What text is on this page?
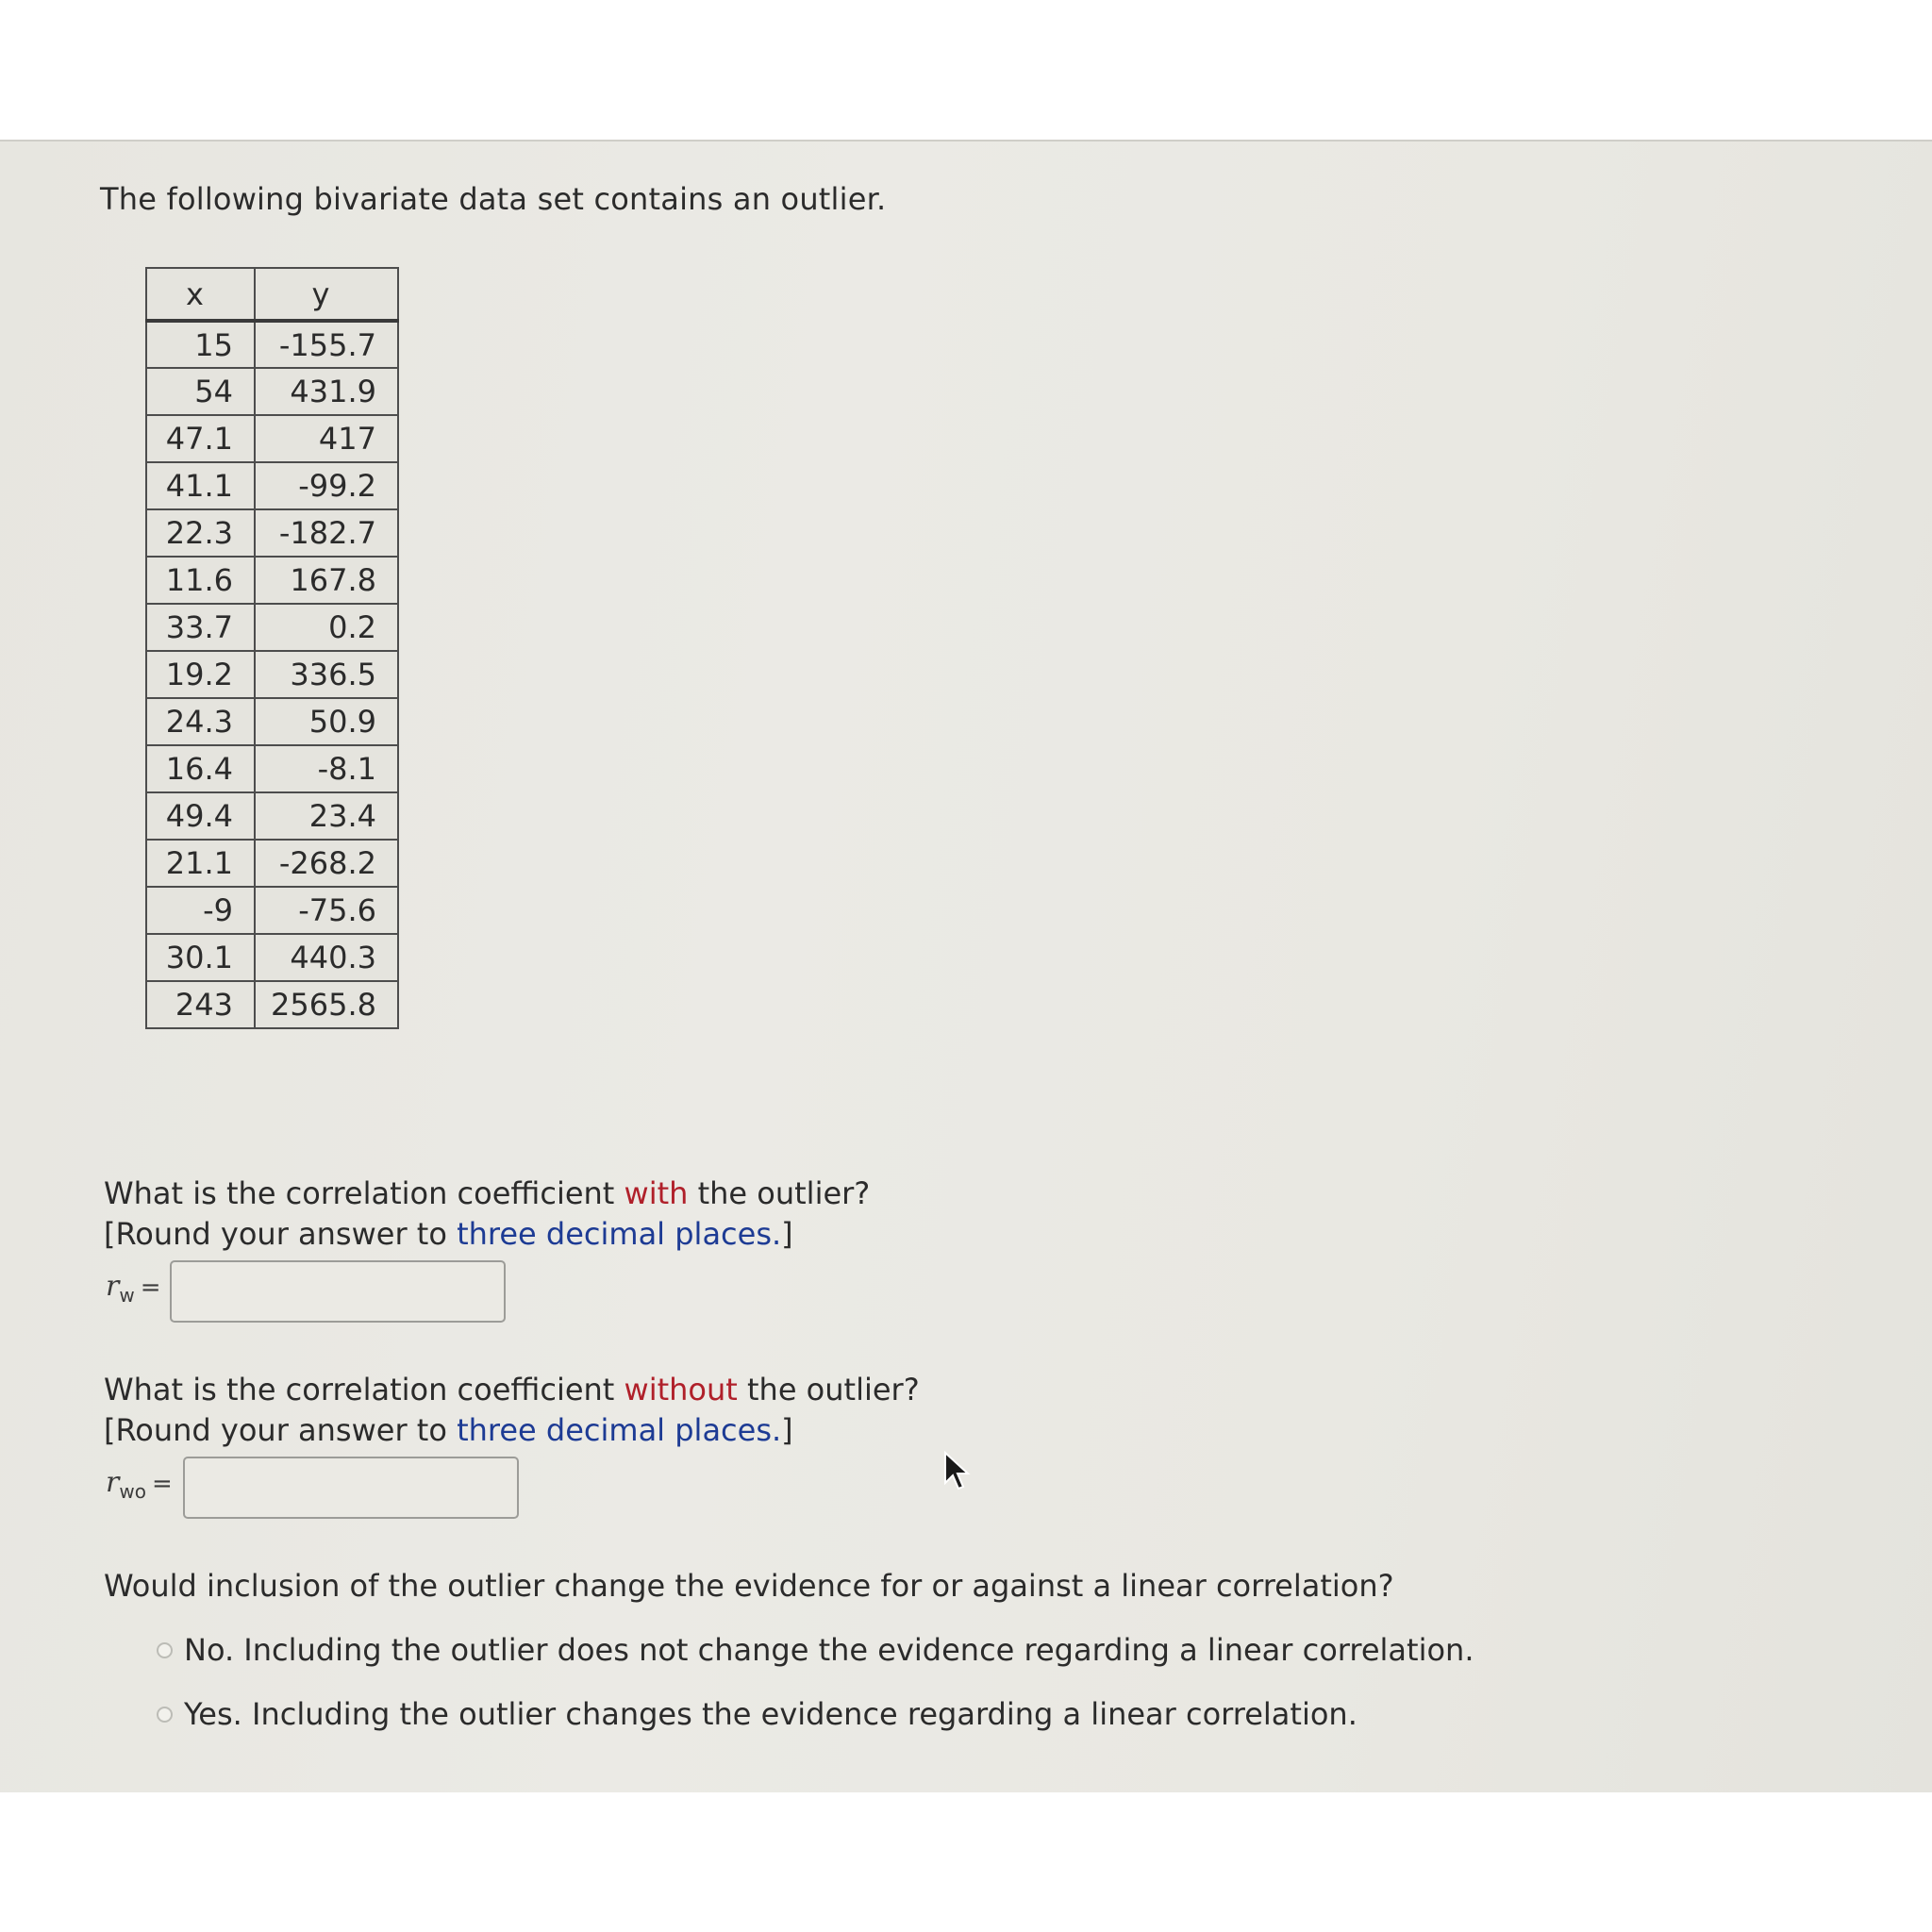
The following bivariate data set contains an outlier.
x	y
15	-155.7
54	431.9
47.1	417
41.1	-99.2
22.3	-182.7
11.6	167.8
33.7	0.2
19.2	336.5
24.3	50.9
16.4	-8.1
49.4	23.4
21.1	-268.2
-9	-75.6
30.1	440.3
243	2565.8
What is the correlation coefficient with the outlier?
[Round your answer to three decimal places.]
$r_w$ =
What is the correlation coefficient without the outlier?
[Round your answer to three decimal places.]
$r_{wo}$ =
Would inclusion of the outlier change the evidence for or against a linear correlation?
No. Including the outlier does not change the evidence regarding a linear correlation.
Yes. Including the outlier changes the evidence regarding a linear correlation.
